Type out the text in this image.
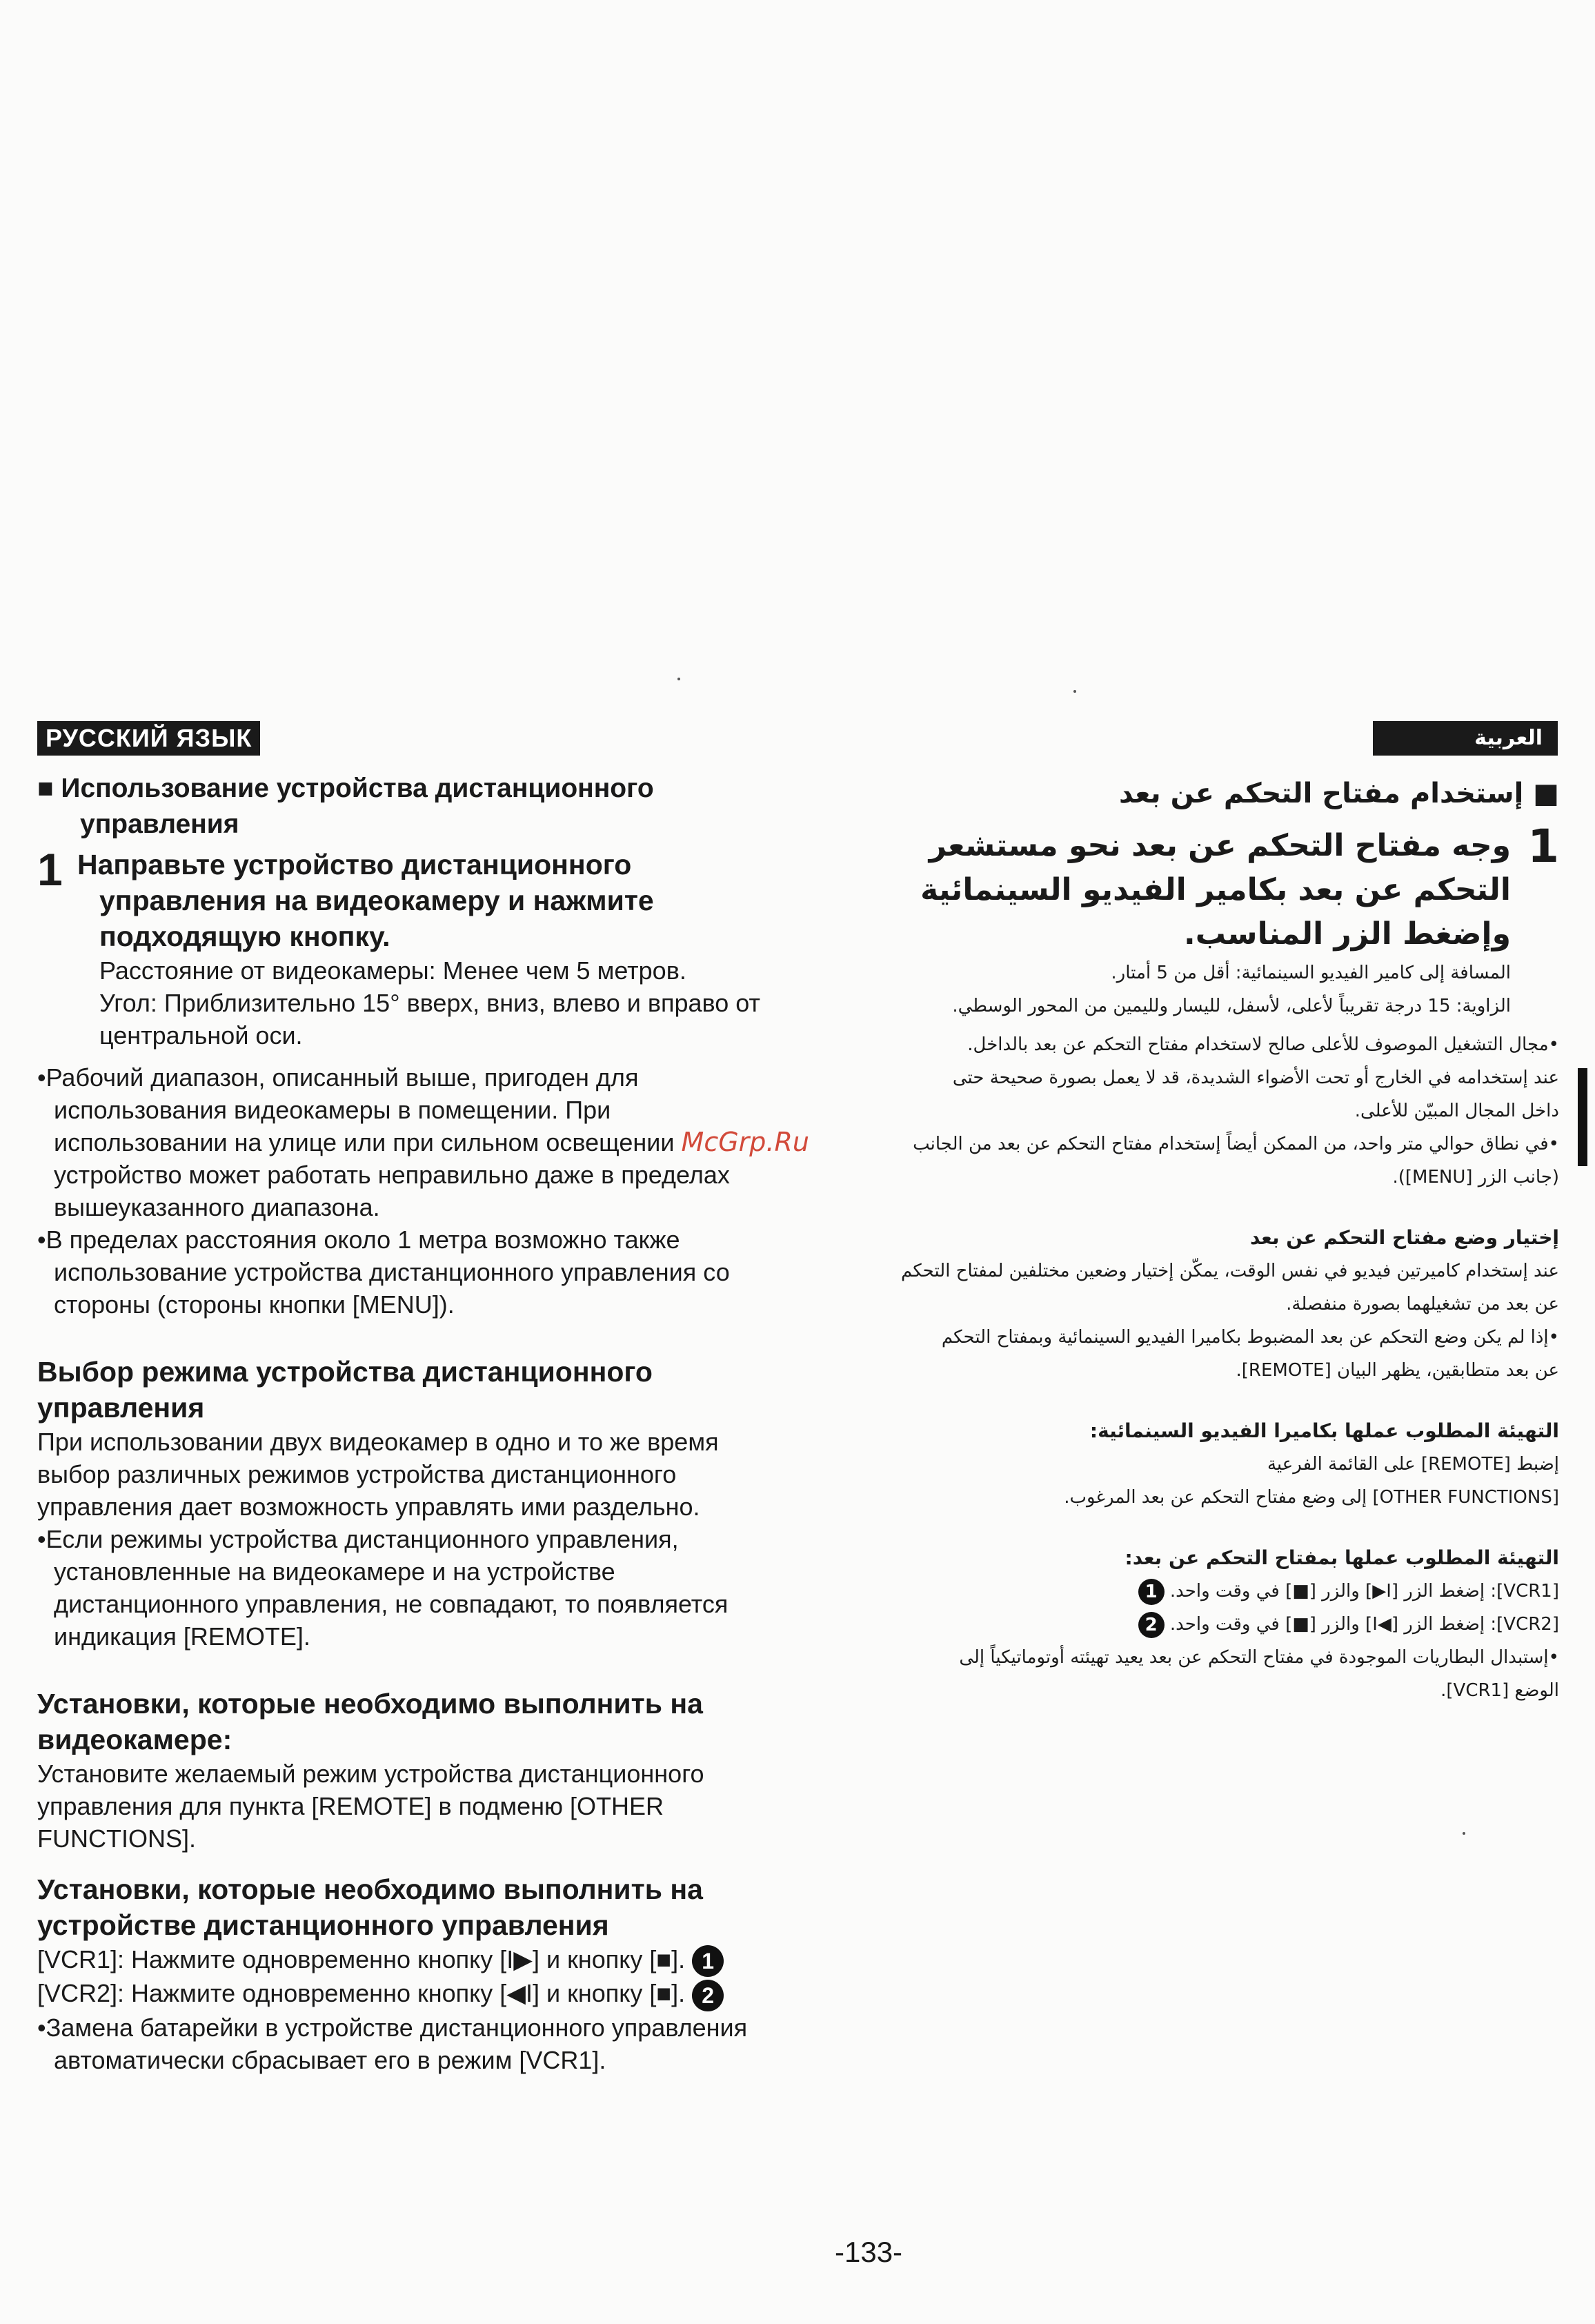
РУССКИЙ ЯЗЫК

■ Использование устройства дистанционного

управления

1 Направьте устройство дистанционного

управления на видеокамеру и нажмите

подходящую кнопку.

Расстояние от видеокамеры: Менее чем 5 метров.

Угол: Приблизительно 15° вверх, вниз, влево и вправо от

центральной оси.

•Рабочий диапазон, описанный выше, пригоден для

использования видеокамеры в помещении. При

использовании на улице или при сильном освещении McGrp.Ru

устройство может работать неправильно даже в пределах

вышеуказанного диапазона.

•В пределах расстояния около 1 метра возможно также

использование устройства дистанционного управления со

стороны (стороны кнопки [MENU]).

Выбор режима устройства дистанционного

управления

При использовании двух видеокамер в одно и то же время

выбор различных режимов устройства дистанционного

управления дает возможность управлять ими раздельно.

•Если режимы устройства дистанционного управления,

установленные на видеокамере и на устройстве

дистанционного управления, не совпадают, то появляется

индикация [REMOTE].

Установки, которые необходимо выполнить на

видеокамере:

Установите желаемый режим устройства дистанционного

управления для пункта [REMOTE] в подменю [OTHER

FUNCTIONS].

Установки, которые необходимо выполнить на

устройстве дистанционного управления

[VCR1]: Нажмите одновременно кнопку [I▶] и кнопку [■]. 1

[VCR2]: Нажмите одновременно кнопку [◀I] и кнопку [■]. 2

•Замена батарейки в устройстве дистанционного управления

автоматически сбрасывает его в режим [VCR1].

العربية

■ إستخدام مفتاح التحكم عن بعد

1

وجه مفتاح التحكم عن بعد نحو مستشعر

التحكم عن بعد بكامير الفيديو السينمائية

وإضغط الزر المناسب.

المسافة إلى كامير الفيديو السينمائية: أقل من 5 أمتار.

الزاوية: 15 درجة تقريباً لأعلى، لأسفل، لليسار ولليمين من المحور الوسطي.

•مجال التشغيل الموصوف للأعلى صالح لاستخدام مفتاح التحكم عن بعد بالداخل.

عند إستخدامه في الخارج أو تحت الأضواء الشديدة، قد لا يعمل بصورة صحيحة حتى

داخل المجال المبيّن للأعلى.

•في نطاق حوالي متر واحد، من الممكن أيضاً إستخدام مفتاح التحكم عن بعد من الجانب

(جانب الزر [MENU]).

إختيار وضع مفتاح التحكم عن بعد

عند إستخدام كاميرتين فيديو في نفس الوقت، يمكّن إختيار وضعين مختلفين لمفتاح التحكم

عن بعد من تشغيلهما بصورة منفصلة.

•إذا لم يكن وضع التحكم عن بعد المضبوط بكاميرا الفيديو السينمائية وبمفتاح التحكم

عن بعد متطابقين، يظهر البيان [REMOTE].

التهيئة المطلوب عملها بكاميرا الفيديو السينمائية:

إضبط [REMOTE] على القائمة الفرعية

[OTHER FUNCTIONS] إلى وضع مفتاح التحكم عن بعد المرغوب.

التهيئة المطلوب عملها بمفتاح التحكم عن بعد:

[VCR1]: إضغط الزر [I▶] والزر [■] في وقت واحد. 1

[VCR2]: إضغط الزر [◀I] والزر [■] في وقت واحد. 2

•إستبدال البطاريات الموجودة في مفتاح التحكم عن بعد يعيد تهيئته أوتوماتيكياً إلى

الوضع [VCR1].

-133-
